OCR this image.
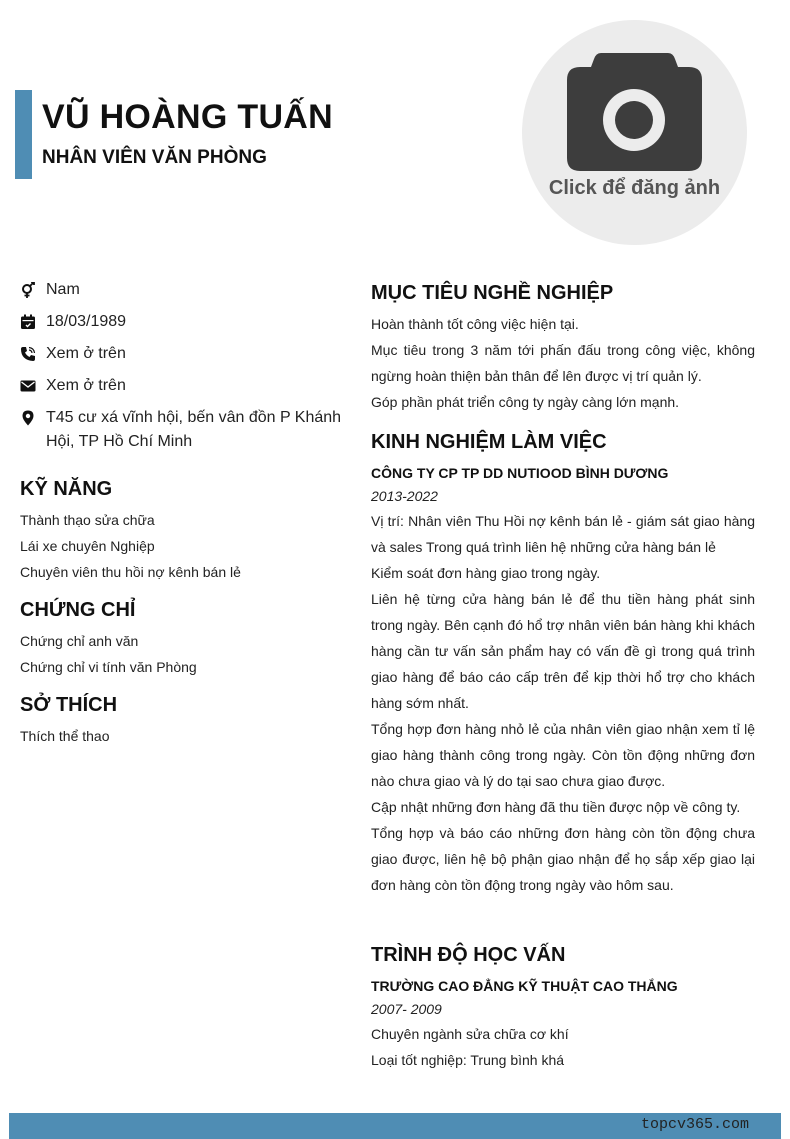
VŨ HOÀNG TUẤN
NHÂN VIÊN VĂN PHÒNG
Click để đăng ảnh
Nam
18/03/1989
Xem ở trên
Xem ở trên
T45 cư xá vĩnh hội, bến vân đồn P Khánh Hội, TP Hồ Chí Minh
KỸ NĂNG
Thành thạo sửa chữa
Lái xe chuyên Nghiệp
Chuyên viên thu hồi nợ kênh bán lẻ
CHỨNG CHỈ
Chứng chỉ anh văn
Chứng chỉ vi tính văn Phòng
SỞ THÍCH
Thích thể thao
MỤC TIÊU NGHỀ NGHIỆP
Hoàn thành tốt công việc hiện tại.
Mục tiêu trong 3 năm tới phấn đấu trong công việc, không ngừng hoàn thiện bản thân để lên được vị trí quản lý.
Góp phần phát triển công ty ngày càng lớn mạnh.
KINH NGHIỆM LÀM VIỆC
CÔNG TY CP TP DD NUTIOOD BÌNH DƯƠNG
2013-2022
Vị trí: Nhân viên Thu Hồi nợ kênh bán lẻ - giám sát giao hàng và sales Trong quá trình liên hệ những cửa hàng bán lẻ
Kiểm soát đơn hàng giao trong ngày.
Liên hệ từng cửa hàng bán lẻ để thu tiền hàng phát sinh trong ngày. Bên cạnh đó hổ trợ nhân viên bán hàng khi khách hàng cần tư vấn sản phẩm hay có vấn đề gì trong quá trình giao hàng để báo cáo cấp trên để kịp thời hổ trợ cho khách hàng sớm nhất.
Tổng hợp đơn hàng nhỏ lẻ của nhân viên giao nhận xem tỉ lệ giao hàng thành công trong ngày. Còn tồn động những đơn nào chưa giao và lý do tại sao chưa giao được.
Cập nhật những đơn hàng đã thu tiền được nộp về công ty.
Tổng hợp và báo cáo những đơn hàng còn tồn động chưa giao được, liên hệ bộ phận giao nhận để họ sắp xếp giao lại đơn hàng còn tồn động trong ngày vào hôm sau.
TRÌNH ĐỘ HỌC VẤN
TRƯỜNG CAO ĐẲNG KỸ THUẬT CAO THẮNG
2007- 2009
Chuyên ngành sửa chữa cơ khí
Loại tốt nghiệp: Trung bình khá
topcv365.com
